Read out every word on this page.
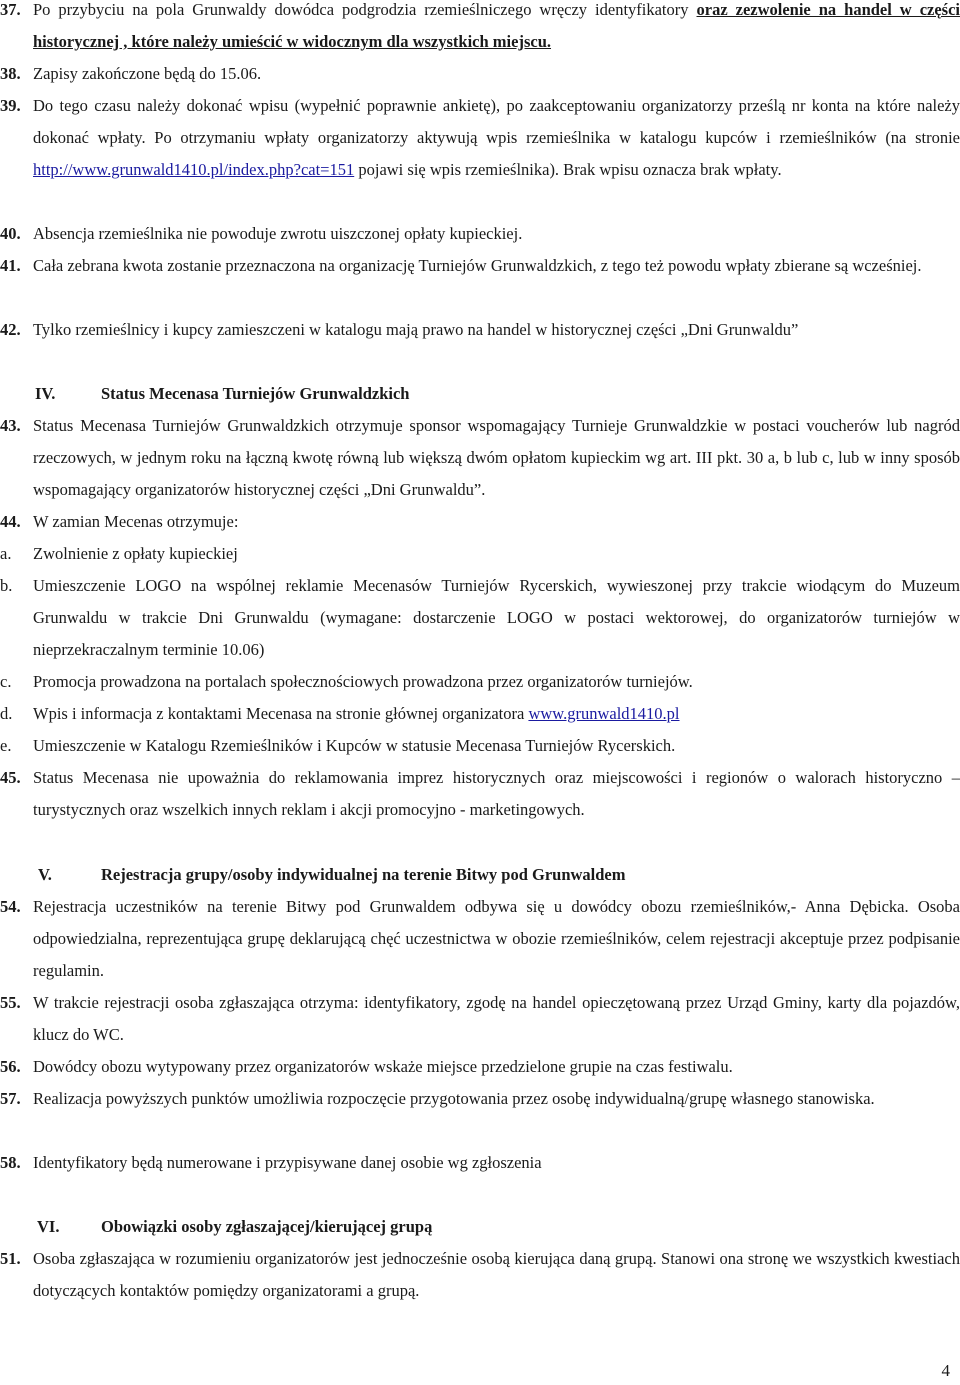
37. Po przybyciu na pola Grunwaldy dowódca podgrodzia rzemieślniczego wręczy identyfikatory oraz zezwolenie na handel w części historycznej , które należy umieścić w widocznym dla wszystkich miejscu.
38. Zapisy zakończone będą do 15.06.
39. Do tego czasu należy dokonać wpisu (wypełnić poprawnie ankietę), po zaakceptowaniu organizatorzy prześlą nr konta na które należy dokonać wpłaty. Po otrzymaniu wpłaty organizatorzy aktywują wpis rzemieślnika w katalogu kupców i rzemieślników (na stronie http://www.grunwald1410.pl/index.php?cat=151 pojawi się wpis rzemieślnika). Brak wpisu oznacza brak wpłaty.
40. Absencja rzemieślnika nie powoduje zwrotu uiszczonej opłaty kupieckiej.
41. Cała zebrana kwota zostanie przeznaczona na organizację Turniejów Grunwaldzkich, z tego też powodu wpłaty zbierane są wcześniej.
42. Tylko rzemieślnicy i kupcy zamieszczeni w katalogu mają prawo na handel w historycznej części „Dni Grunwaldu”
IV.	Status Mecenasa Turniejów Grunwaldzkich
43. Status Mecenasa Turniejów Grunwaldzkich otrzymuje sponsor wspomagający Turnieje Grunwaldzkie w postaci voucherów lub nagród rzeczowych, w jednym roku na łączną kwotę równą lub większą dwóm opłatom kupieckim wg art. III pkt. 30 a, b lub c, lub w inny sposób wspomagający organizatorów historycznej części „Dni Grunwaldu”.
44. W zamian Mecenas otrzymuje:
a. Zwolnienie z opłaty kupieckiej
b. Umieszczenie LOGO na wspólnej reklamie Mecenasów Turniejów Rycerskich, wywieszonej przy trakcie wiodącym do Muzeum Grunwaldu w trakcie Dni Grunwaldu (wymagane: dostarczenie LOGO w postaci wektorowej, do organizatorów turniejów w nieprzekraczalnym terminie 10.06)
c. Promocja prowadzona na portalach społecznościowych prowadzona przez organizatorów turniejów.
d. Wpis i informacja z kontaktami Mecenasa na stronie głównej organizatora www.grunwald1410.pl
e. Umieszczenie w Katalogu Rzemieślników i Kupców w statusie Mecenasa Turniejów Rycerskich.
45. Status Mecenasa nie upoważnia do reklamowania imprez historycznych oraz miejscowości i regionów o walorach historyczno – turystycznych oraz wszelkich innych reklam i akcji promocyjno - marketingowych.
V.	Rejestracja grupy/osoby indywidualnej na terenie Bitwy pod Grunwaldem
54. Rejestracja uczestników na terenie Bitwy pod Grunwaldem odbywa się u dowódcy obozu rzemieślników,- Anna Dębicka. Osoba odpowiedzialna, reprezentująca grupę deklarującą chęć uczestnictwa w obozie rzemieślników, celem rejestracji akceptuje przez podpisanie regulamin.
55. W trakcie rejestracji osoba zgłaszająca otrzyma: identyfikatory, zgodę na handel opieczętowaną przez Urząd Gminy, karty dla pojazdów, klucz do WC.
56. Dowódcy obozu wytypowany przez organizatorów wskaże miejsce przedzielone grupie na czas festiwalu.
57. Realizacja powyższych punktów umożliwia rozpoczęcie przygotowania przez osobę indywidualną/grupę własnego stanowiska.
58. Identyfikatory będą numerowane i przypisywane danej osobie wg zgłoszenia
VI.	Obowiązki osoby zgłaszającej/kierującej grupą
51. Osoba zgłaszająca w rozumieniu organizatorów jest jednocześnie osobą kierująca daną grupą. Stanowi ona stronę we wszystkich kwestiach dotyczących kontaktów pomiędzy organizatorami a grupą.
4
